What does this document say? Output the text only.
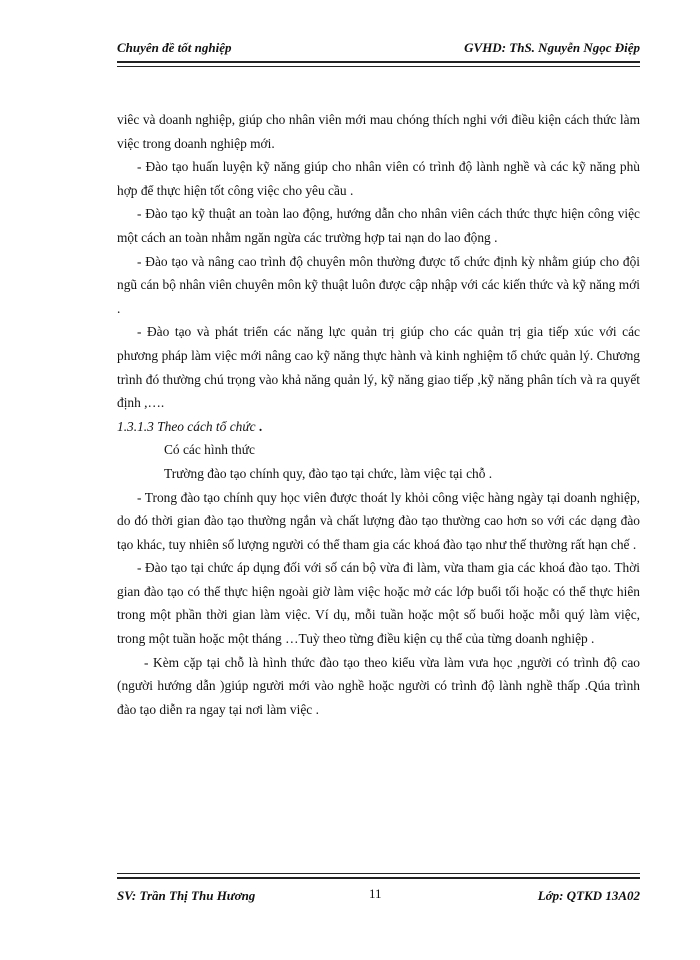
Chuyên đề tốt nghiệp	GVHD: ThS. Nguyễn Ngọc Điệp

viêc và doanh nghiệp, giúp cho nhân viên mới mau chóng thích nghi với điều kiện cách thức làm việc trong doanh nghiệp mới.

- Đào tạo huấn luyện kỹ năng giúp cho nhân viên có trình độ lành nghề và các kỹ năng phù hợp để thực hiện tốt công việc cho yêu cầu .

- Đào tạo kỹ thuật an toàn lao động, hướng dẫn cho nhân viên cách thức thực hiện công việc một cách an toàn nhằm ngăn ngừa các trường hợp tai nạn do lao động .

- Đào tạo và nâng cao trình độ chuyên môn thường được tổ chức định kỳ nhằm giúp cho đội ngũ cán bộ nhân viên chuyên môn kỹ thuật luôn được cập nhập với các kiến thức và kỹ năng mới .

- Đào tạo và phát triển các năng lực quản trị giúp cho các quản trị gia tiếp xúc với các phương pháp làm việc mới nâng cao kỹ năng thực hành và kinh nghiệm tổ chức quản lý. Chương trình đó thường chú trọng vào khả năng quản lý, kỹ năng giao tiếp ,kỹ năng phân tích và ra quyết định ,….

1.3.1.3 Theo cách tổ chức .

Có các hình thức

Trường đào tạo chính quy, đào tạo tại chức, làm việc tại chỗ .

- Trong đào tạo chính quy học viên được thoát ly khỏi công việc hàng ngày tại doanh nghiệp, do đó thời gian đào tạo thường ngắn và chất lượng đào tạo thường cao hơn so với các dạng đào tạo khác, tuy nhiên số lượng người có thể tham gia các khoá đào tạo như thế thường rất hạn chế .

- Đào tạo tại chức áp dụng đối với số cán bộ vừa đi làm, vừa tham gia các khoá đào tạo. Thời gian đào tạo có thể thực hiện ngoài giờ làm việc hoặc mở các lớp buổi tối hoặc có thể thực hiên trong một phần thời gian làm việc. Ví dụ, mỗi tuần hoặc một số buổi hoặc mỗi quý làm việc, trong một tuần hoặc một tháng …Tuỳ theo từng điều kiện cụ thể của từng doanh nghiệp .

- Kèm cặp tại chỗ là hình thức đào tạo theo kiểu vừa làm vưa học ,người có trình độ cao (người hướng dẫn )giúp người mới vào nghề hoặc người có trình độ lành nghề thấp .Qúa trình đào tạo diễn ra ngay tại nơi làm việc .

SV: Trần Thị Thu Hương	11	Lớp: QTKD 13A02
